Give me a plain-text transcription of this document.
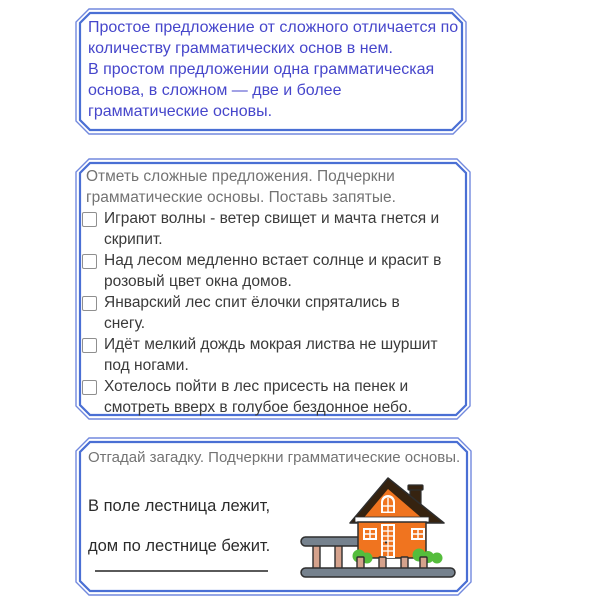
Простое предложение от сложного отличается по
количеству грамматических основ в нем.
В простом предложении одна грамматическая
основа, в сложном — две и более
грамматические основы.
Отметь сложные предложения. Подчеркни
грамматические основы. Поставь запятые.
Играют волны - ветер свищет и мачта гнется и
скрипит.
Над лесом медленно встает солнце и красит в
розовый цвет окна домов.
Январский лес спит ёлочки спрятались в
снегу.
Идёт мелкий дождь мокрая листва не шуршит
под ногами.
Хотелось пойти в лес присесть на пенек и
смотреть вверх в голубое бездонное небо.
Отгадай загадку. Подчеркни грамматические основы.
В поле лестница лежит,
дом по лестнице бежит.
